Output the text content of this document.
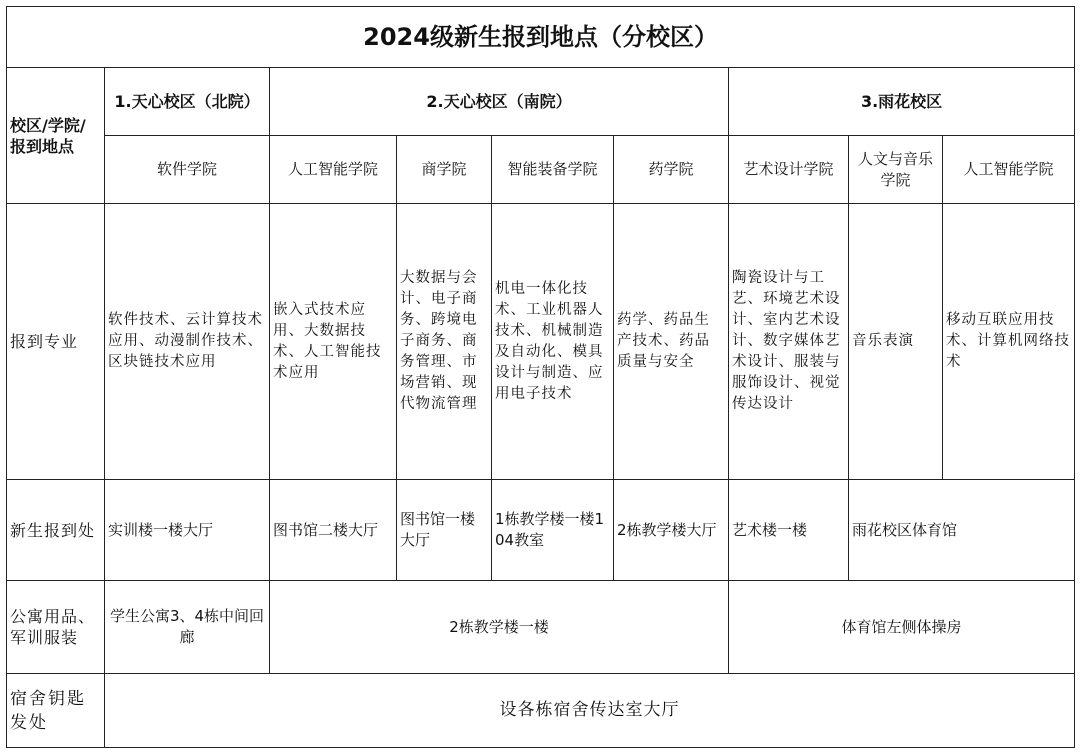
2024级新生报到地点（分校区）								
校区/学院/报到地点	1.天心校区（北院）	2.天心校区（南院）				3.雨花校区		
	软件学院	人工智能学院	商学院	智能装备学院	药学院	艺术设计学院	人文与音乐学院	人工智能学院
报到专业	软件技术、云计算技术应用、动漫制作技术、区块链技术应用	嵌入式技术应用、大数据技术、人工智能技术应用	大数据与会计、电子商务、跨境电子商务、商务管理、市场营销、现代物流管理	机电一体化技术、工业机器人技术、机械制造及自动化、模具设计与制造、应用电子技术	药学、药品生产技术、药品质量与安全	陶瓷设计与工艺、环境艺术设计、室内艺术设计、数字媒体艺术设计、服装与服饰设计、视觉传达设计	音乐表演	移动互联应用技术、计算机网络技术
新生报到处	实训楼一楼大厅	图书馆二楼大厅	图书馆一楼大厅	1栋教学楼一楼104教室	2栋教学楼大厅	艺术楼一楼	雨花校区体育馆	
公寓用品、军训服装	学生公寓3、4栋中间回廊	2栋教学楼一楼				体育馆左侧体操房		
宿舍钥匙发处	设各栋宿舍传达室大厅							
